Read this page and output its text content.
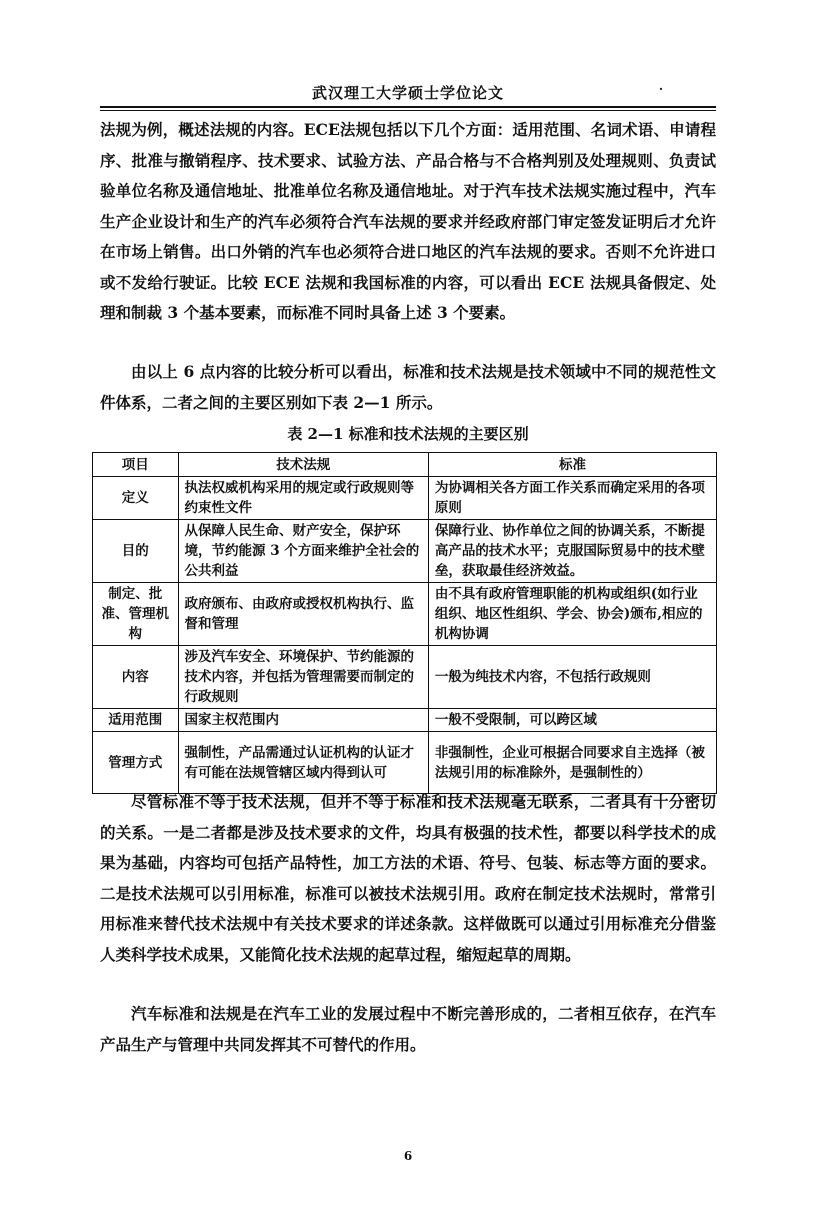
武汉理工大学硕士学位论文	·

法规为例，概述法规的内容。ECE法规包括以下几个方面：适用范围、名词术语、申请程序、批准与撤销程序、技术要求、试验方法、产品合格与不合格判别及处理规则、负责试验单位名称及通信地址、批准单位名称及通信地址。对于汽车技术法规实施过程中，汽车生产企业设计和生产的汽车必须符合汽车法规的要求并经政府部门审定签发证明后才允许在市场上销售。出口外销的汽车也必须符合进口地区的汽车法规的要求。否则不允许进口或不发给行驶证。比较 ECE 法规和我国标准的内容，可以看出 ECE 法规具备假定、处理和制裁 3 个基本要素，而标准不同时具备上述 3 个要素。

由以上 6 点内容的比较分析可以看出，标准和技术法规是技术领域中不同的规范性文件体系，二者之间的主要区别如下表 2—1 所示。

表 2—1 标准和技术法规的主要区别
项目	技术法规	标准
定义	执法权威机构采用的规定或行政规则等约束性文件	为协调相关各方面工作关系而确定采用的各项原则
目的	从保障人民生命、财产安全，保护环境，节约能源 3 个方面来维护全社会的公共利益	保障行业、协作单位之间的协调关系，不断提高产品的技术水平；克服国际贸易中的技术壁垒，获取最佳经济效益。
制定、批准、管理机构	政府颁布、由政府或授权机构执行、监督和管理	由不具有政府管理职能的机构或组织(如行业组织、地区性组织、学会、协会)颁布,相应的机构协调
内容	涉及汽车安全、环境保护、节约能源的技术内容，并包括为管理需要而制定的行政规则	一般为纯技术内容，不包括行政规则
适用范围	国家主权范围内	一般不受限制，可以跨区域
管理方式	强制性，产品需通过认证机构的认证才有可能在法规管辖区域内得到认可	非强制性，企业可根据合同要求自主选择（被法规引用的标准除外，是强制性的）

尽管标准不等于技术法规，但并不等于标准和技术法规毫无联系，二者具有十分密切的关系。一是二者都是涉及技术要求的文件，均具有极强的技术性，都要以科学技术的成果为基础，内容均可包括产品特性，加工方法的术语、符号、包装、标志等方面的要求。二是技术法规可以引用标准，标准可以被技术法规引用。政府在制定技术法规时，常常引用标准来替代技术法规中有关技术要求的详述条款。这样做既可以通过引用标准充分借鉴人类科学技术成果，又能简化技术法规的起草过程，缩短起草的周期。

汽车标准和法规是在汽车工业的发展过程中不断完善形成的，二者相互依存，在汽车产品生产与管理中共同发挥其不可替代的作用。

6
